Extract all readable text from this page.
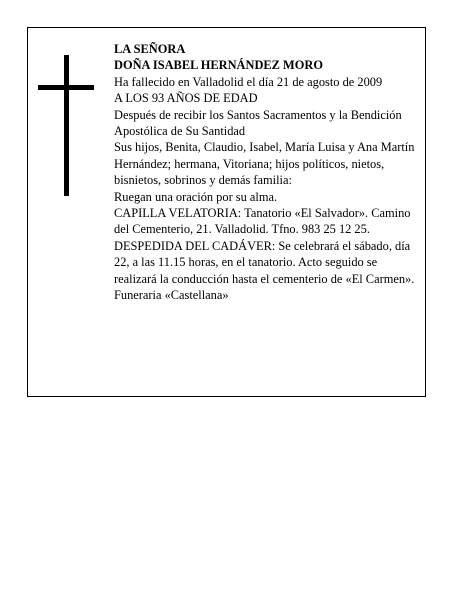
LA SEÑORA
DOÑA ISABEL HERNÁNDEZ MORO
Ha fallecido en Valladolid el día 21 de agosto de 2009
A LOS 93 AÑOS DE EDAD
Después de recibir los Santos Sacramentos y la Bendición Apostólica de Su Santidad
Sus hijos, Benita, Claudio, Isabel, María Luisa y Ana Martín Hernández; hermana, Vitoriana; hijos políticos, nietos, bisnietos, sobrinos y demás familia:
Ruegan una oración por su alma.
CAPILLA VELATORIA: Tanatorio «El Salvador». Camino del Cementerio, 21. Valladolid. Tfno. 983 25 12 25.
DESPEDIDA DEL CADÁVER: Se celebrará el sábado, día 22, a las 11.15 horas, en el tanatorio. Acto seguido se realizará la conducción hasta el cementerio de «El Carmen».
Funeraria «Castellana»
